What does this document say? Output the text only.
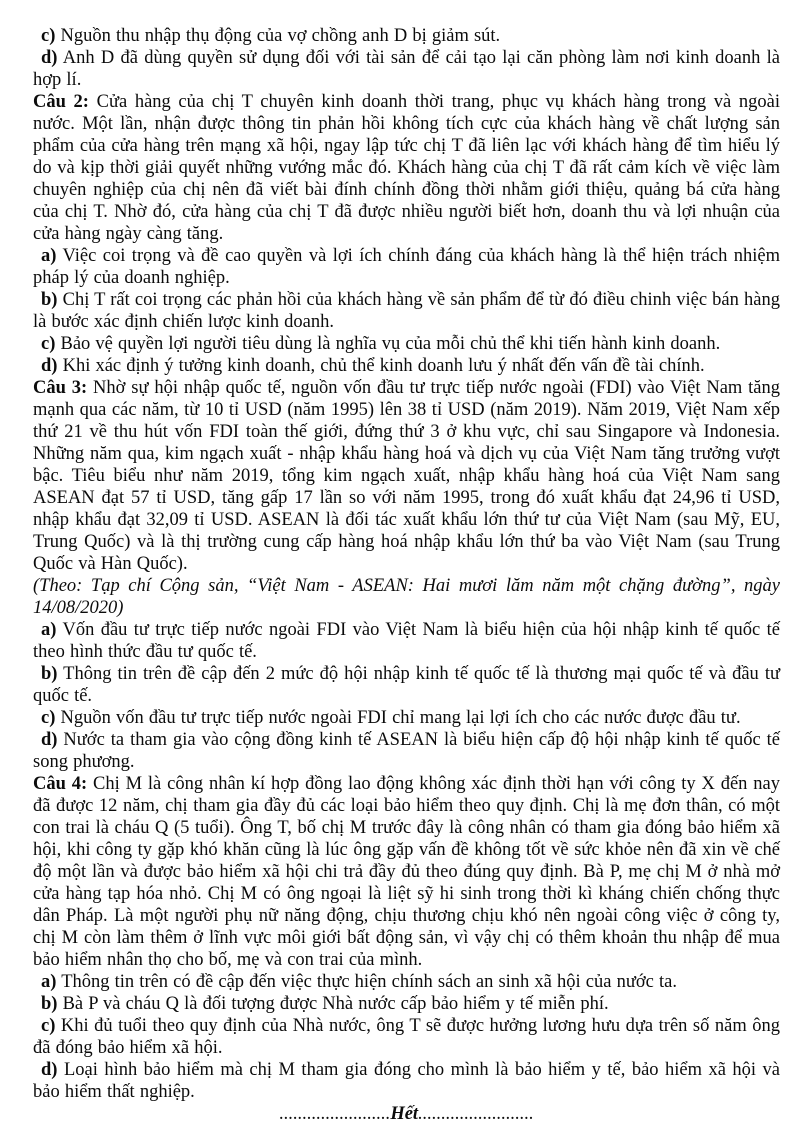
c) Nguồn thu nhập thụ động của vợ chồng anh D bị giảm sút.

d) Anh D đã dùng quyền sử dụng đối với tài sản để cải tạo lại căn phòng làm nơi kinh doanh là hợp lí.

Câu 2: Cửa hàng của chị T chuyên kinh doanh thời trang, phục vụ khách hàng trong và ngoài nước. Một lần, nhận được thông tin phản hồi không tích cực của khách hàng về chất lượng sản phẩm của cửa hàng trên mạng xã hội, ngay lập tức chị T đã liên lạc với khách hàng để tìm hiểu lý do và kịp thời giải quyết những vướng mắc đó. Khách hàng của chị T đã rất cảm kích về việc làm chuyên nghiệp của chị nên đã viết bài đính chính đồng thời nhằm giới thiệu, quảng bá cửa hàng của chị T. Nhờ đó, cửa hàng của chị T đã được nhiều người biết hơn, doanh thu và lợi nhuận của cửa hàng ngày càng tăng.

a) Việc coi trọng và đề cao quyền và lợi ích chính đáng của khách hàng là thể hiện trách nhiệm pháp lý của doanh nghiệp.

b) Chị T rất coi trọng các phản hồi của khách hàng về sản phẩm để từ đó điều chinh việc bán hàng là bước xác định chiến lược kinh doanh.

c) Bảo vệ quyền lợi người tiêu dùng là nghĩa vụ của mỗi chủ thể khi tiến hành kinh doanh.

d) Khi xác định ý tưởng kinh doanh, chủ thể kinh doanh lưu ý nhất đến vấn đề tài chính.

Câu 3: Nhờ sự hội nhập quốc tế, nguồn vốn đầu tư trực tiếp nước ngoài (FDI) vào Việt Nam tăng mạnh qua các năm, từ 10 tỉ USD (năm 1995) lên 38 tỉ USD (năm 2019). Năm 2019, Việt Nam xếp thứ 21 về thu hút vốn FDI toàn thế giới, đứng thứ 3 ở khu vực, chỉ sau Singapore và Indonesia. Những năm qua, kim ngạch xuất - nhập khẩu hàng hoá và dịch vụ của Việt Nam tăng trưởng vượt bậc. Tiêu biểu như năm 2019, tổng kim ngạch xuất, nhập khẩu hàng hoá của Việt Nam sang ASEAN đạt 57 tỉ USD, tăng gấp 17 lần so với năm 1995, trong đó xuất khẩu đạt 24,96 tỉ USD, nhập khẩu đạt 32,09 tỉ USD. ASEAN là đối tác xuất khẩu lớn thứ tư của Việt Nam (sau Mỹ, EU, Trung Quốc) và là thị trường cung cấp hàng hoá nhập khẩu lớn thứ ba vào Việt Nam (sau Trung Quốc và Hàn Quốc).

(Theo: Tạp chí Cộng sản, “Việt Nam - ASEAN: Hai mươi lăm năm một chặng đường”, ngày 14/08/2020)

a) Vốn đầu tư trực tiếp nước ngoài FDI vào Việt Nam là biểu hiện của hội nhập kinh tế quốc tế theo hình thức đầu tư quốc tế.

b) Thông tin trên đề cập đến 2 mức độ hội nhập kinh tế quốc tế là thương mại quốc tế và đầu tư quốc tế.

c) Nguồn vốn đầu tư trực tiếp nước ngoài FDI chỉ mang lại lợi ích cho các nước được đầu tư.

d) Nước ta tham gia vào cộng đồng kinh tế ASEAN là biểu hiện cấp độ hội nhập kinh tế quốc tế song phương.

Câu 4: Chị M là công nhân kí hợp đồng lao động không xác định thời hạn với công ty X đến nay đã được 12 năm, chị tham gia đầy đủ các loại bảo hiểm theo quy định. Chị là mẹ đơn thân, có một con trai là cháu Q (5 tuổi). Ông T, bố chị M trước đây là công nhân có tham gia đóng bảo hiểm xã hội, khi công ty gặp khó khăn cũng là lúc ông gặp vấn đề không tốt về sức khỏe nên đã xin về chế độ một lần và được bảo hiểm xã hội chi trả đầy đủ theo đúng quy định. Bà P, mẹ chị M ở nhà mở cửa hàng tạp hóa nhỏ. Chị M có ông ngoại là liệt sỹ hi sinh trong thời kì kháng chiến chống thực dân Pháp. Là một người phụ nữ năng động, chịu thương chịu khó nên ngoài công việc ở công ty, chị M còn làm thêm ở lĩnh vực môi giới bất động sản, vì vậy chị có thêm khoản thu nhập để mua bảo hiểm nhân thọ cho bố, mẹ và con trai của mình.

a) Thông tin trên có đề cập đến việc thực hiện chính sách an sinh xã hội của nước ta.

b) Bà P và cháu Q là đối tượng được Nhà nước cấp bảo hiểm y tế miễn phí.

c) Khi đủ tuổi theo quy định của Nhà nước, ông T sẽ được hưởng lương hưu dựa trên số năm ông đã đóng bảo hiểm xã hội.

d) Loại hình bảo hiểm mà chị M tham gia đóng cho mình là bảo hiểm y tế, bảo hiểm xã hội và bảo hiểm thất nghiệp.

........................Hết.........................
